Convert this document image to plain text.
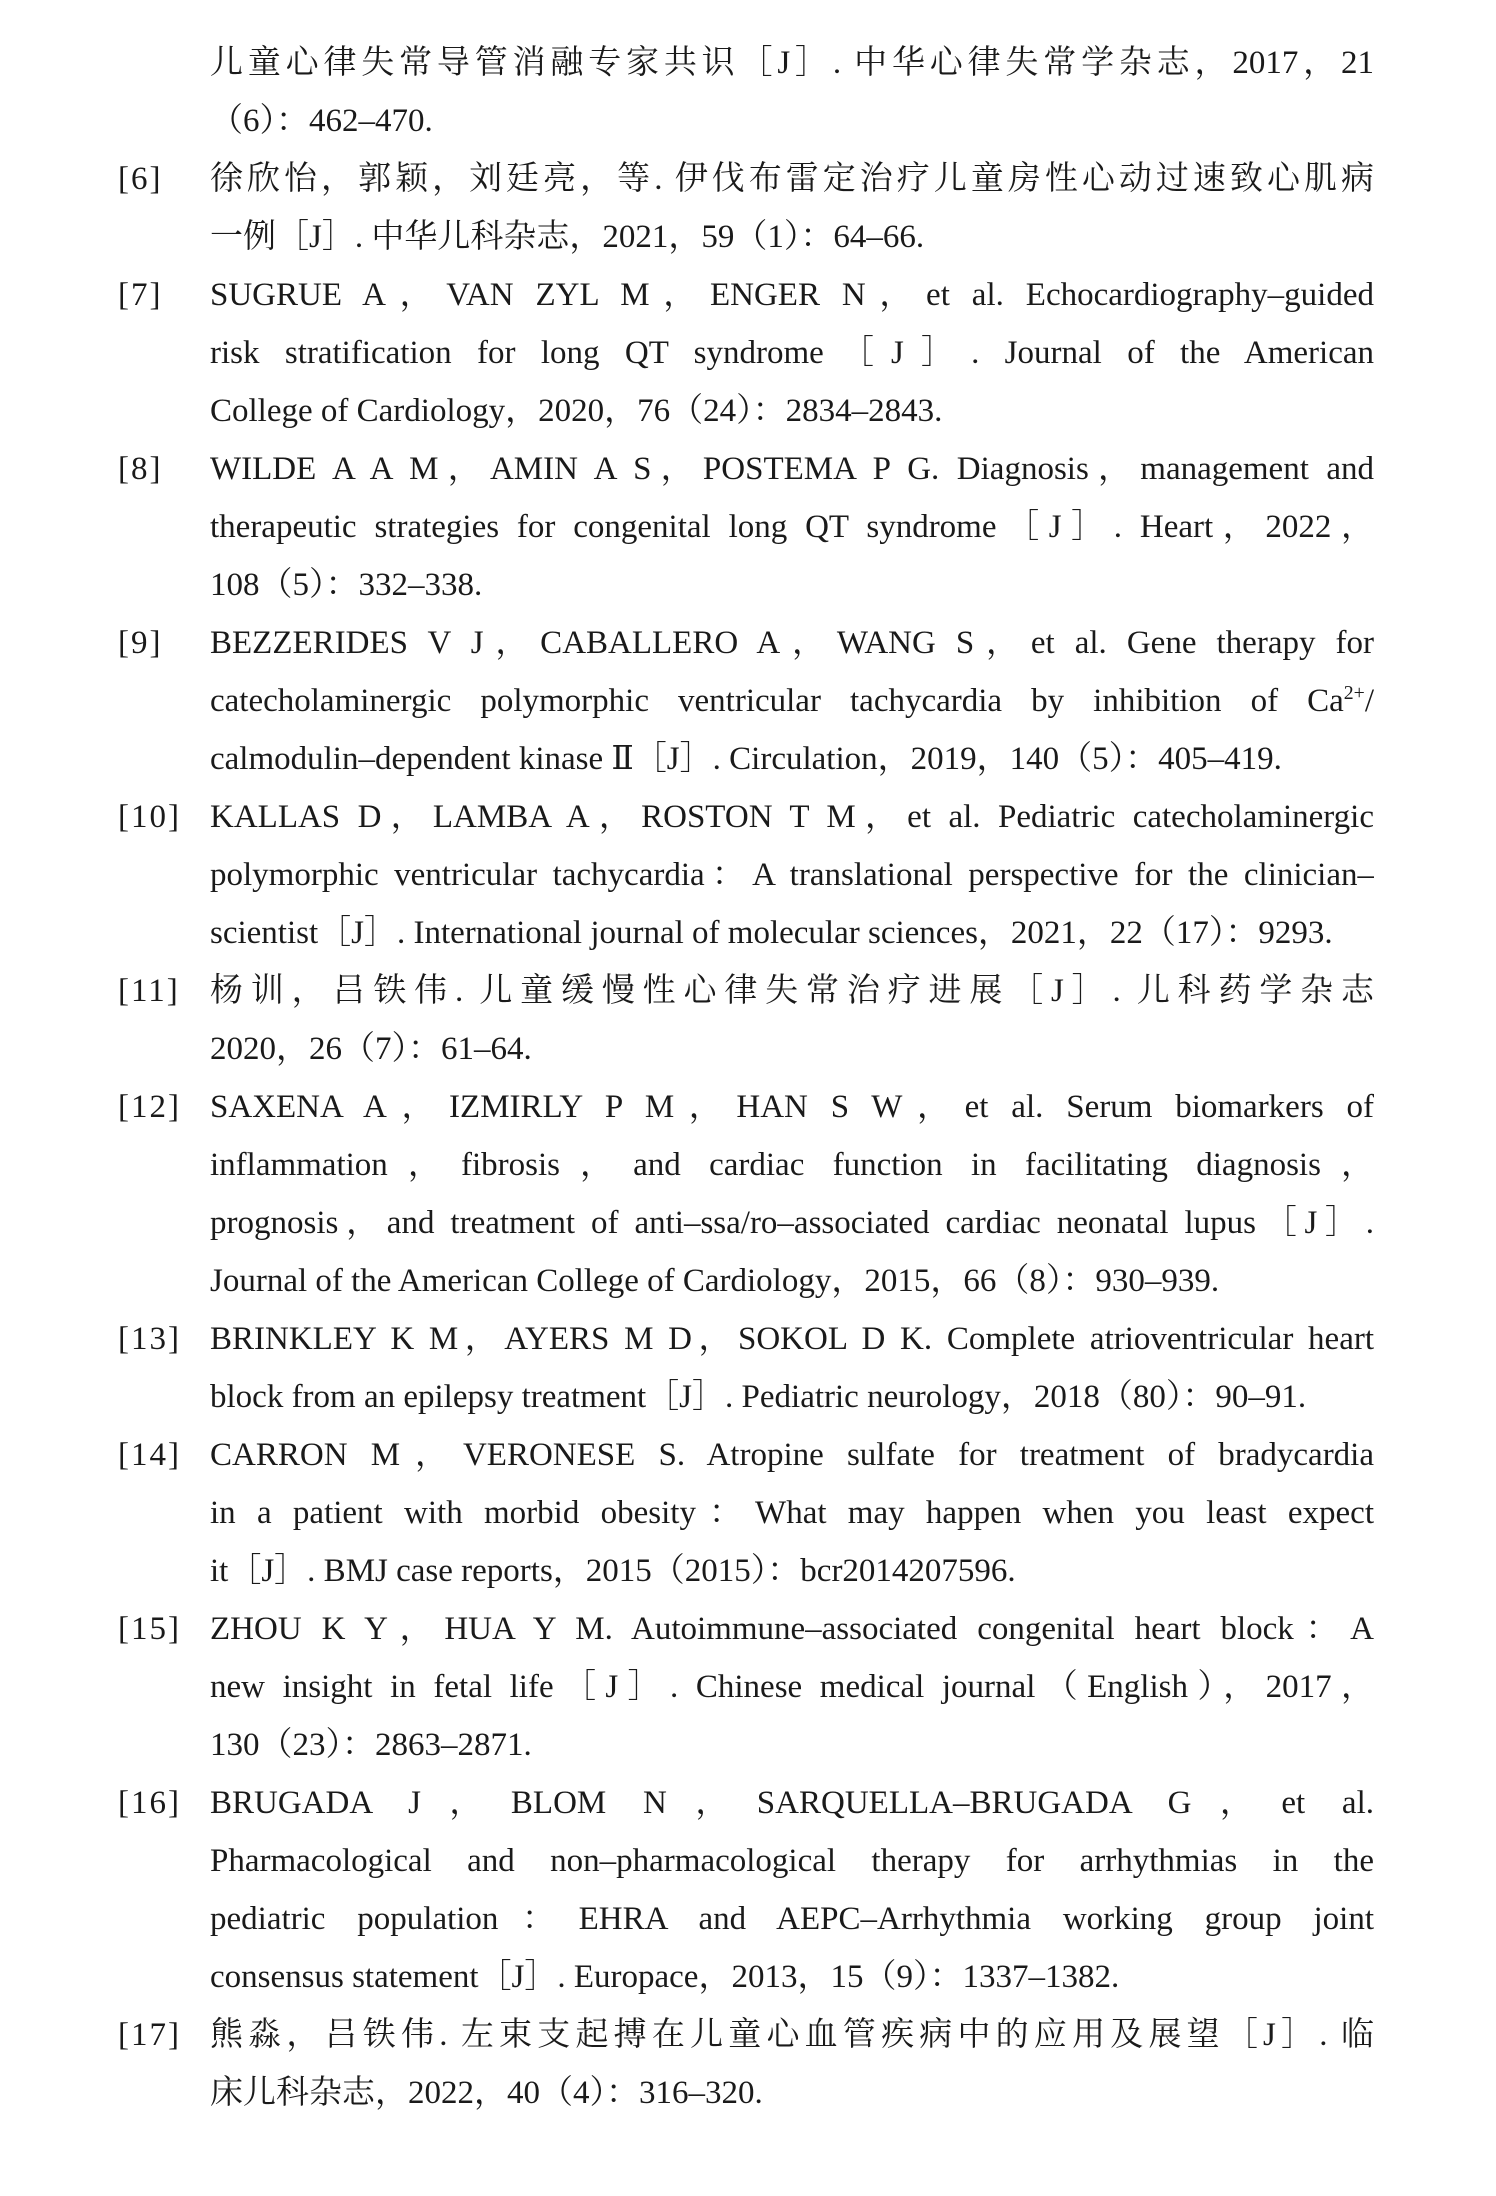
儿童心律失常导管消融专家共识［J］. 中华心律失常学杂志，2017，21
（6）：462–470.
[6] 徐欣怡，郭颖，刘廷亮，等. 伊伐布雷定治疗儿童房性心动过速致心肌病
一例［J］. 中华儿科杂志，2021，59（1）：64–66.
[7] SUGRUE A，VAN ZYL M，ENGER N，et al. Echocardiography–guided
risk stratification for long QT syndrome［J］. Journal of the American
College of Cardiology，2020，76（24）：2834–2843.
[8] WILDE A A M，AMIN A S，POSTEMA P G. Diagnosis，management and
therapeutic strategies for congenital long QT syndrome［J］. Heart，2022，
108（5）：332–338.
[9] BEZZERIDES V J，CABALLERO A，WANG S，et al. Gene therapy for
catecholaminergic polymorphic ventricular tachycardia by inhibition of $Ca^{2+}/$
calmodulin–dependent kinase Ⅱ［J］. Circulation，2019，140（5）：405–419.
[10] KALLAS D，LAMBA A，ROSTON T M，et al. Pediatric catecholaminergic
polymorphic ventricular tachycardia：A translational perspective for the clinician–
scientist［J］. International journal of molecular sciences，2021，22（17）：9293.
[11] 杨训，吕铁伟. 儿童缓慢性心律失常治疗进展［J］. 儿科药学杂志
2020，26（7）：61–64.
[12] SAXENA A，IZMIRLY P M，HAN S W，et al. Serum biomarkers of
inflammation，fibrosis，and cardiac function in facilitating diagnosis，
prognosis，and treatment of anti–ssa/ro–associated cardiac neonatal lupus［J］.
Journal of the American College of Cardiology，2015，66（8）：930–939.
[13] BRINKLEY K M，AYERS M D，SOKOL D K. Complete atrioventricular heart
block from an epilepsy treatment［J］. Pediatric neurology，2018（80）：90–91.
[14] CARRON M，VERONESE S. Atropine sulfate for treatment of bradycardia
in a patient with morbid obesity：What may happen when you least expect
it［J］. BMJ case reports，2015（2015）：bcr2014207596.
[15] ZHOU K Y，HUA Y M. Autoimmune–associated congenital heart block：A
new insight in fetal life［J］. Chinese medical journal（English），2017，
130（23）：2863–2871.
[16] BRUGADA J，BLOM N，SARQUELLA–BRUGADA G，et al.
Pharmacological and non–pharmacological therapy for arrhythmias in the
pediatric population：EHRA and AEPC–Arrhythmia working group joint
consensus statement［J］. Europace，2013，15（9）：1337–1382.
[17] 熊淼，吕铁伟. 左束支起搏在儿童心血管疾病中的应用及展望［J］. 临
床儿科杂志，2022，40（4）：316–320.
